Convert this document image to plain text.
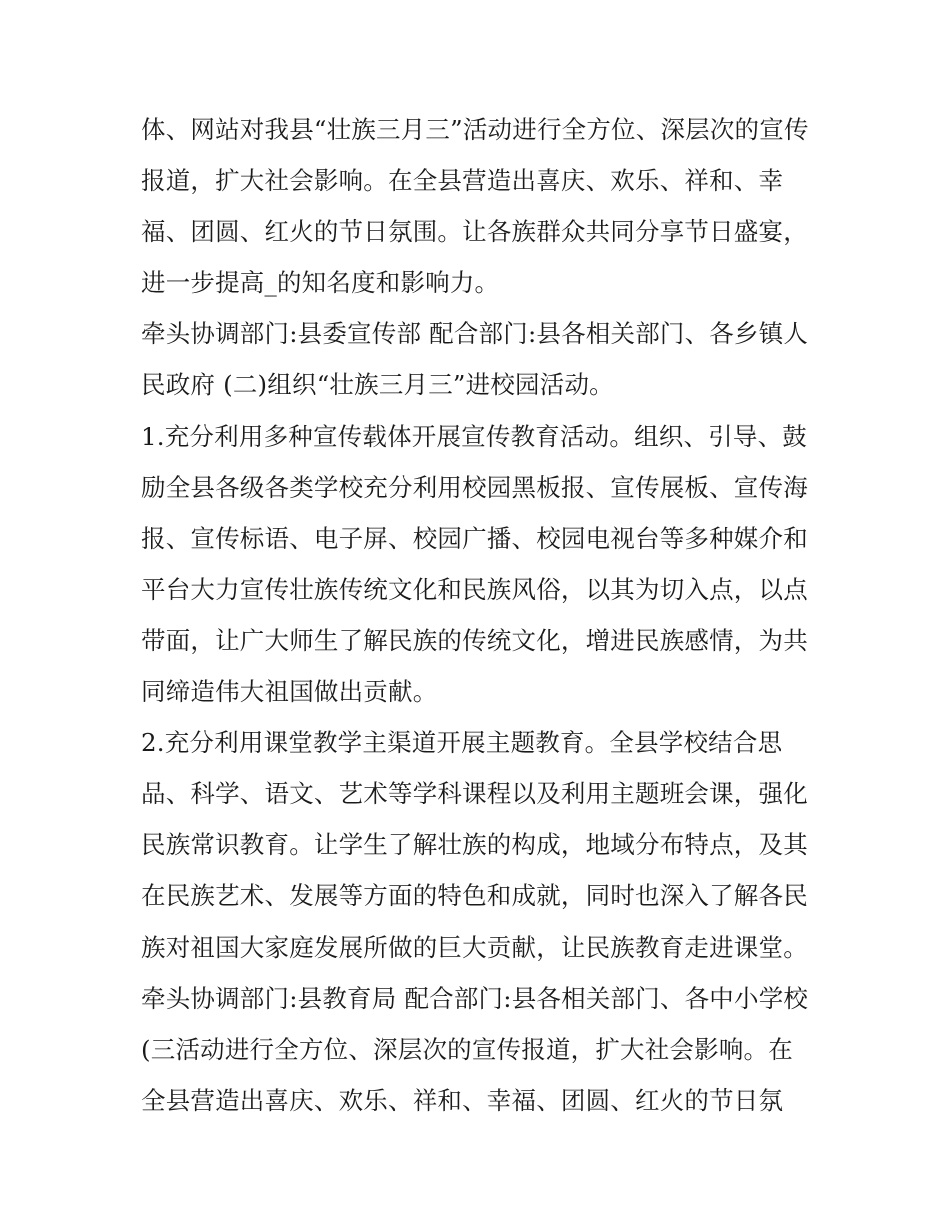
体、网站对我县“壮族三月三”活动进行全方位、深层次的宣传
报道，扩大社会影响。在全县营造出喜庆、欢乐、祥和、幸
福、团圆、红火的节日氛围。让各族群众共同分享节日盛宴，
进一步提高_的知名度和影响力。
牵头协调部门:县委宣传部 配合部门:县各相关部门、各乡镇人
民政府 (二)组织“壮族三月三”进校园活动。
1.充分利用多种宣传载体开展宣传教育活动。组织、引导、鼓
励全县各级各类学校充分利用校园黑板报、宣传展板、宣传海
报、宣传标语、电子屏、校园广播、校园电视台等多种媒介和
平台大力宣传壮族传统文化和民族风俗，以其为切入点，以点
带面，让广大师生了解民族的传统文化，增进民族感情，为共
同缔造伟大祖国做出贡献。
2.充分利用课堂教学主渠道开展主题教育。全县学校结合思
品、科学、语文、艺术等学科课程以及利用主题班会课，强化
民族常识教育。让学生了解壮族的构成，地域分布特点，及其
在民族艺术、发展等方面的特色和成就，同时也深入了解各民
族对祖国大家庭发展所做的巨大贡献，让民族教育走进课堂。
牵头协调部门:县教育局 配合部门:县各相关部门、各中小学校
(三活动进行全方位、深层次的宣传报道，扩大社会影响。在
全县营造出喜庆、欢乐、祥和、幸福、团圆、红火的节日氛
